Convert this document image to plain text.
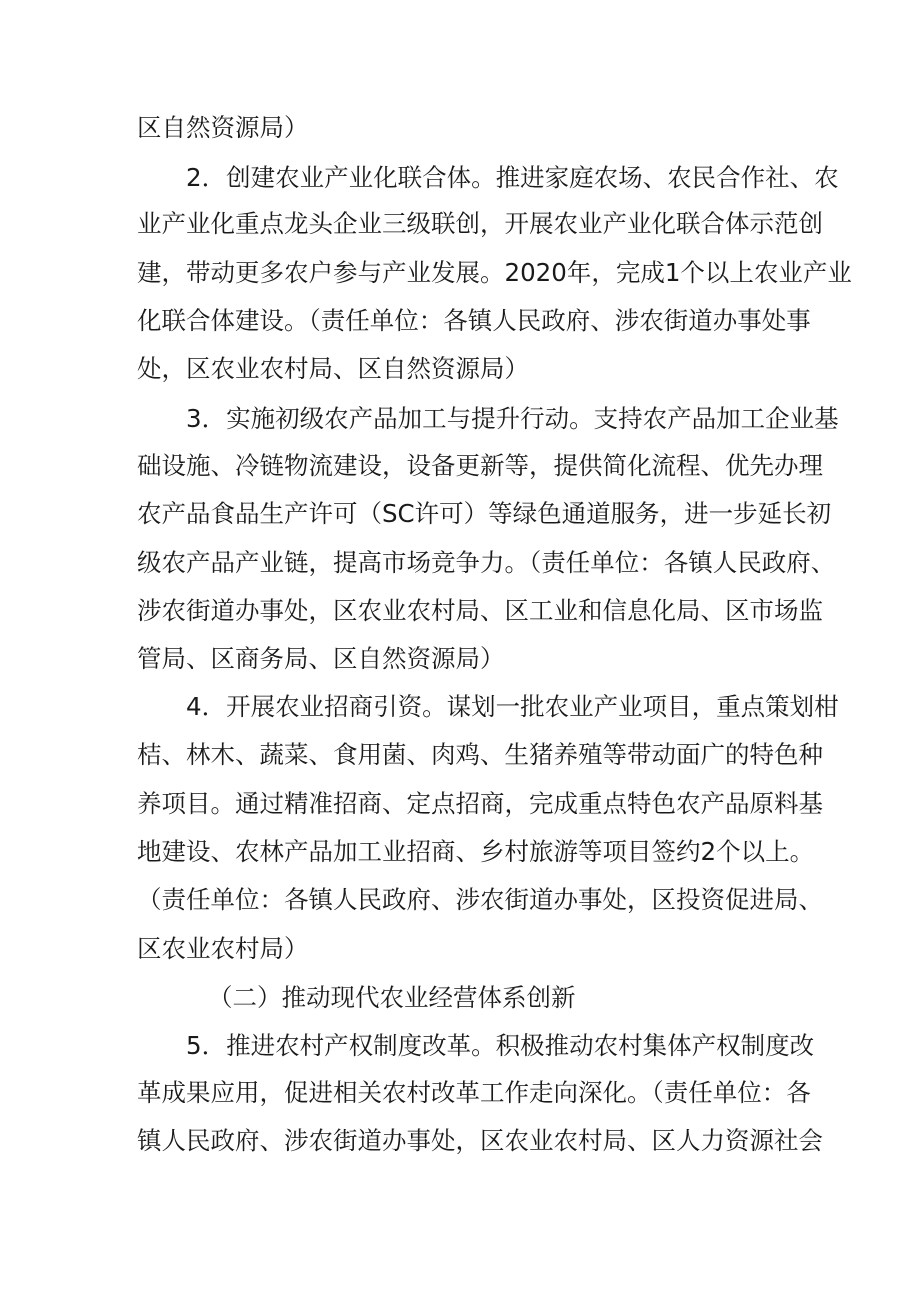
区自然资源局）
2．创建农业产业化联合体。推进家庭农场、农民合作社、农
业产业化重点龙头企业三级联创，开展农业产业化联合体示范创
建，带动更多农户参与产业发展。2020年，完成1个以上农业产业
化联合体建设。（责任单位：各镇人民政府、涉农街道办事处事
处，区农业农村局、区自然资源局）
3．实施初级农产品加工与提升行动。支持农产品加工企业基
础设施、冷链物流建设，设备更新等，提供简化流程、优先办理
农产品食品生产许可（SC许可）等绿色通道服务，进一步延长初
级农产品产业链，提高市场竞争力。（责任单位：各镇人民政府、
涉农街道办事处，区农业农村局、区工业和信息化局、区市场监
管局、区商务局、区自然资源局）
4．开展农业招商引资。谋划一批农业产业项目，重点策划柑
桔、林木、蔬菜、食用菌、肉鸡、生猪养殖等带动面广的特色种
养项目。通过精准招商、定点招商，完成重点特色农产品原料基
地建设、农林产品加工业招商、乡村旅游等项目签约2个以上。
（责任单位：各镇人民政府、涉农街道办事处，区投资促进局、
区农业农村局）
（二）推动现代农业经营体系创新
5．推进农村产权制度改革。积极推动农村集体产权制度改
革成果应用，促进相关农村改革工作走向深化。（责任单位：各
镇人民政府、涉农街道办事处，区农业农村局、区人力资源社会
